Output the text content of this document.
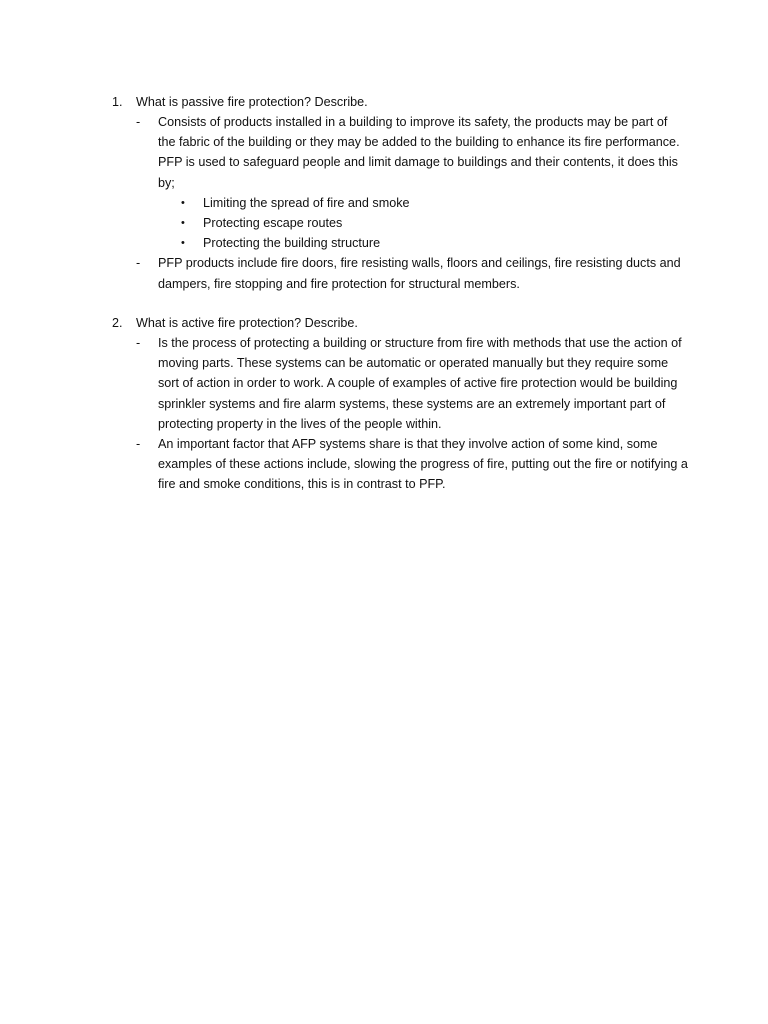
1. What is passive fire protection? Describe.
- Consists of products installed in a building to improve its safety, the products may be part of the fabric of the building or they may be added to the building to enhance its fire performance. PFP is used to safeguard people and limit damage to buildings and their contents, it does this by;
• Limiting the spread of fire and smoke
• Protecting escape routes
• Protecting the building structure
- PFP products include fire doors, fire resisting walls, floors and ceilings, fire resisting ducts and dampers, fire stopping and fire protection for structural members.
2. What is active fire protection? Describe.
- Is the process of protecting a building or structure from fire with methods that use the action of moving parts. These systems can be automatic or operated manually but they require some sort of action in order to work. A couple of examples of active fire protection would be building sprinkler systems and fire alarm systems, these systems are an extremely important part of protecting property in the lives of the people within.
- An important factor that AFP systems share is that they involve action of some kind, some examples of these actions include, slowing the progress of fire, putting out the fire or notifying a fire and smoke conditions, this is in contrast to PFP.
